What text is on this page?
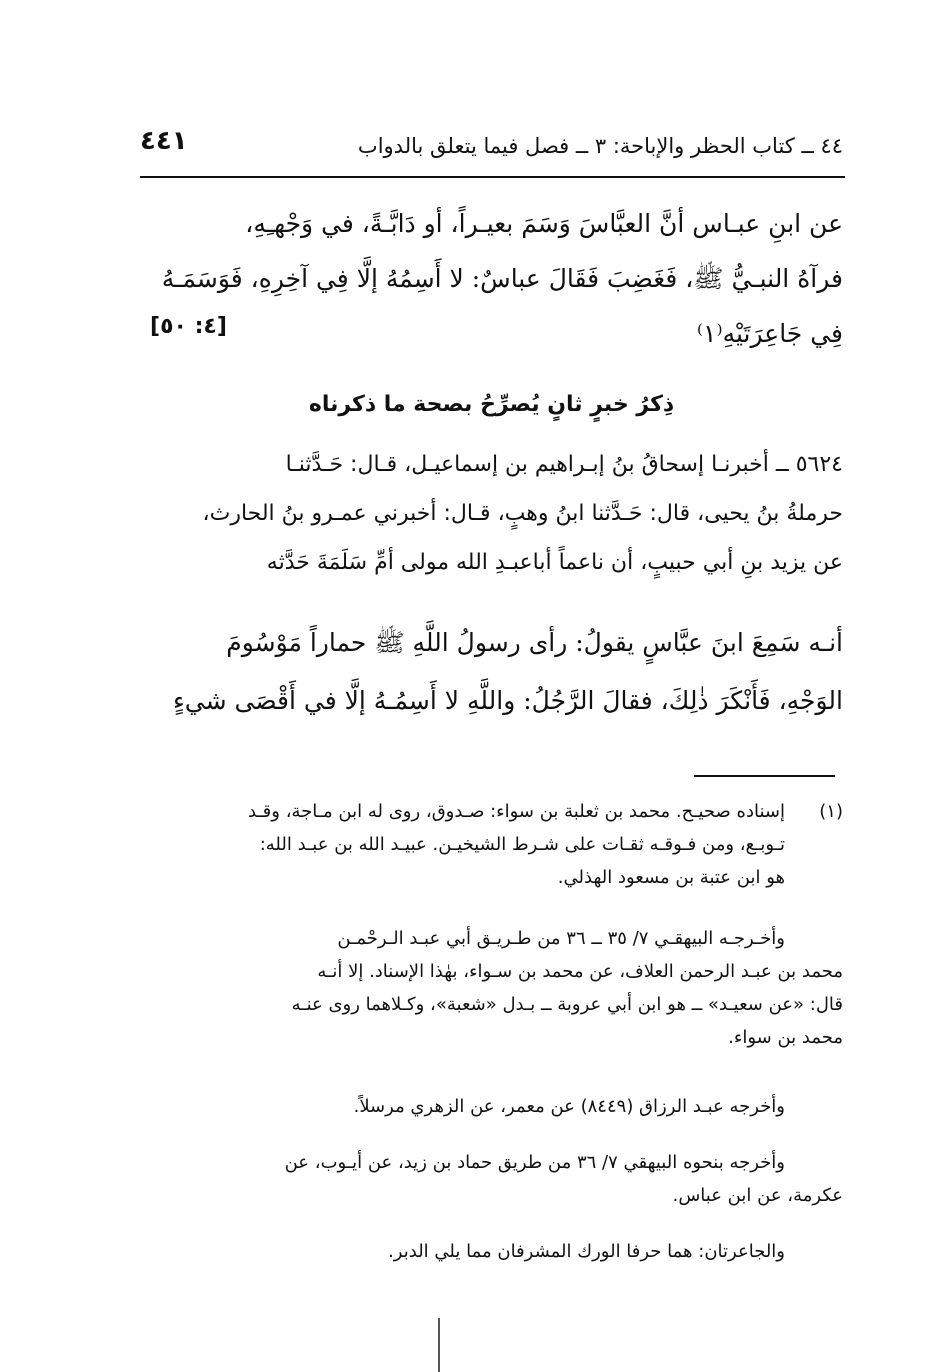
٤٤١	٤٤ ــ كتاب الحظر والإباحة: ٣ ــ فصل فيما يتعلق بالدواب
عن ابنِ عبـاس أنَّ العبَّاسَ وَسَمَ بعيـراً، أو دَابَّـةً، في وَجْهـِهِ،
فرآهُ النبـيُّ ﷺ، فَغَضِبَ فَقَالَ عباسٌ: لا أَسِمُهُ إلَّا فِي آخِرِهِ، فَوَسَمَـهُ
فِي جَاعِرَتَيْهِ⁽١⁾
[٤: ٥٠]
ذِكرُ خبرٍ ثانٍ يُصرِّحُ بصحة ما ذكرناه
٥٦٢٤ ــ أخبرنـا إسحاقُ بنُ إبـراهيم بن إسماعيـل، قـال: حَـدَّثنـا
حرملةُ بنُ يحيى، قال: حَـدَّثنا ابنُ وهبٍ، قـال: أخبرني عمـرو بنُ الحارث،
عن يزيد بنِ أبي حبيبٍ، أن ناعماً أباعبـدِ الله مولى أمِّ سَلَمَةَ حَدَّثه
أنـه سَمِعَ ابنَ عبَّاسٍ يقولُ: رأى رسولُ اللَّهِ ﷺ حماراً مَوْسُومَ
الوَجْهِ، فَأَنْكَرَ ذٰلِكَ، فقالَ الرَّجُلُ: واللَّهِ لا أَسِمُـهُ إلَّا في أَقْصَى شيءٍ
(١)
إسناده صحيـح. محمد بن ثعلبة بن سواء: صـدوق، روى له ابن مـاجة، وقـد
تـوبـع، ومن فـوقـه ثقـات على شـرط الشيخيـن. عبيـد الله بن عبـد الله:
هو ابن عتبة بن مسعود الهذلي.
وأخـرجـه البيهقـي ٧/ ٣٥ ــ ٣٦ من طـريـق أبي عبـد الـرحْمـن
محمد بن عبـد الرحمن العلاف، عن محمد بن سـواء، بهٰذا الإسناد. إلا أنـه
قال: «عن سعيـد» ــ هو ابن أبي عروبة ــ بـدل «شعبة»، وكـلاهما روى عنـه
محمد بن سواء.
وأخرجه عبـد الرزاق (٨٤٤٩) عن معمر، عن الزهري مرسلاً.
وأخرجه بنحوه البيهقي ٧/ ٣٦ من طريق حماد بن زيد، عن أيـوب، عن
عكرمة، عن ابن عباس.
والجاعرتان: هما حرفا الورك المشرفان مما يلي الدبر.
